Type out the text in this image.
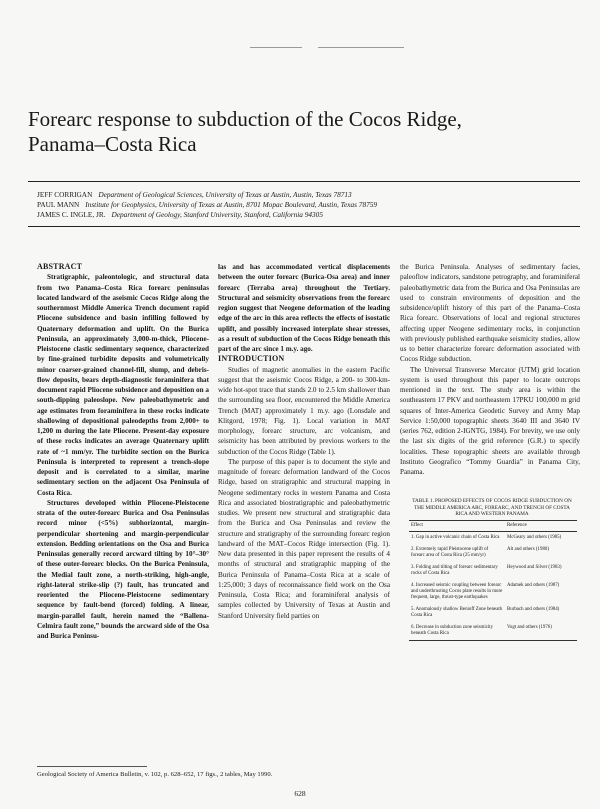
Forearc response to subduction of the Cocos Ridge,
Panama–Costa Rica
JEFF CORRIGAN Department of Geological Sciences, University of Texas at Austin, Austin, Texas 78713
PAUL MANN Institute for Geophysics, University of Texas at Austin, 8701 Mopac Boulevard, Austin, Texas 78759
JAMES C. INGLE, JR. Department of Geology, Stanford University, Stanford, California 94305

ABSTRACT

Stratigraphic, paleontologic, and structural data from two Panama–Costa Rica forearc peninsulas located landward of the aseismic Cocos Ridge along the southernmost Middle America Trench document rapid Pliocene subsidence and basin infilling followed by Quaternary deformation and uplift. On the Burica Peninsula, an approximately 3,000-m-thick, Pliocene-Pleistocene clastic sedimentary sequence, characterized by fine-grained turbidite deposits and volumetrically minor coarser-grained channel-fill, slump, and debris-flow deposits, bears depth-diagnostic foraminifera that document rapid Pliocene subsidence and deposition on a south-dipping paleoslope. New paleobathymetric and age estimates from foraminifera in these rocks indicate shallowing of depositional paleodepths from 2,000+ to 1,200 m during the late Pliocene. Present-day exposure of these rocks indicates an average Quaternary uplift rate of ~1 mm/yr. The turbidite section on the Burica Peninsula is interpreted to represent a trench-slope deposit and is correlated to a similar, marine sedimentary section on the adjacent Osa Peninsula of Costa Rica.

Structures developed within Pliocene-Pleistocene strata of the outer-forearc Burica and Osa Peninsulas record minor (<5%) subhorizontal, margin-perpendicular shortening and margin-perpendicular extension. Bedding orientations on the Osa and Burica Peninsulas generally record arcward tilting by 10°–30° of these outer-forearc blocks. On the Burica Peninsula, the Medial fault zone, a north-striking, high-angle, right-lateral strike-slip (?) fault, has truncated and reoriented the Pliocene-Pleistocene sedimentary sequence by fault-bend (forced) folding. A linear, margin-parallel fault, herein named the “Ballena-Celmira fault zone,” bounds the arcward side of the Osa and Burica Peninsu-

las and has accommodated vertical displacements between the outer forearc (Burica-Osa area) and inner forearc (Terraba area) throughout the Tertiary. Structural and seismicity observations from the forearc region suggest that Neogene deformation of the leading edge of the arc in this area reflects the effects of isostatic uplift, and possibly increased interplate shear stresses, as a result of subduction of the Cocos Ridge beneath this part of the arc since 1 m.y. ago.

INTRODUCTION

Studies of magnetic anomalies in the eastern Pacific suggest that the aseismic Cocos Ridge, a 200- to 300-km-wide hot-spot trace that stands 2.0 to 2.5 km shallower than the surrounding sea floor, encountered the Middle America Trench (MAT) approximately 1 m.y. ago (Lonsdale and Klitgord, 1978; Fig. 1). Local variation in MAT morphology, forearc structure, arc volcanism, and seismicity has been attributed by previous workers to the subduction of the Cocos Ridge (Table 1).

The purpose of this paper is to document the style and magnitude of forearc deformation landward of the Cocos Ridge, based on stratigraphic and structural mapping in Neogene sedimentary rocks in western Panama and Costa Rica and associated biostratigraphic and paleobathymetric studies. We present new structural and stratigraphic data from the Burica and Osa Peninsulas and review the structure and stratigraphy of the surrounding forearc region landward of the MAT–Cocos Ridge intersection (Fig. 1). New data presented in this paper represent the results of 4 months of structural and stratigraphic mapping of the Burica Peninsula of Panama–Costa Rica at a scale of 1:25,000; 3 days of reconnaissance field work on the Osa Peninsula, Costa Rica; and foraminiferal analysis of samples collected by University of Texas at Austin and Stanford University field parties on

the Burica Peninsula. Analyses of sedimentary facies, paleoflow indicators, sandstone petrography, and foraminiferal paleobathymetric data from the Burica and Osa Peninsulas are used to constrain environments of deposition and the subsidence/uplift history of this part of the Panama–Costa Rica forearc. Observations of local and regional structures affecting upper Neogene sedimentary rocks, in conjunction with previously published earthquake seismicity studies, allow us to better characterize forearc deformation associated with Cocos Ridge subduction.

The Universal Transverse Mercator (UTM) grid location system is used throughout this paper to locate outcrops mentioned in the text. The study area is within the southeastern 17 PKV and northeastern 17PKU 100,000 m grid squares of Inter-America Geodetic Survey and Army Map Service 1:50,000 topographic sheets 3640 III and 3640 IV (series 762, edition 2-IGNTG, 1984). For brevity, we use only the last six digits of the grid reference (G.R.) to specify localities. These topographic sheets are available through Instituto Geografico “Tommy Guardia” in Panama City, Panama.

TABLE 1. PROPOSED EFFECTS OF COCOS RIDGE SUBDUCTION ON THE MIDDLE AMERICA ARC, FOREARC, AND TRENCH OF COSTA RICA AND WESTERN PANAMA
Effect	Reference
1. Gap in active volcanic chain of Costa Rica	McGeary and others (1985)
2. Extremely rapid Pleistocene uplift of forearc area of Costa Rica (25 mm/yr)	Alt and others (1980)
3. Folding and tilting of forearc sedimentary rocks of Costa Rica	Heywood and Silver (1983)
4. Increased seismic coupling between forearc and underthrusting Cocos plate results in more frequent, large, thrust-type earthquakes	Adamek and others (1987)
5. Anomalously shallow Benioff Zone beneath Costa Rica	Burbach and others (1984)
6. Decrease in subduction zone seismicity beneath Costa Rica	Vogt and others (1976)
Geological Society of America Bulletin, v. 102, p. 628–652, 17 figs., 2 tables, May 1990.
628
